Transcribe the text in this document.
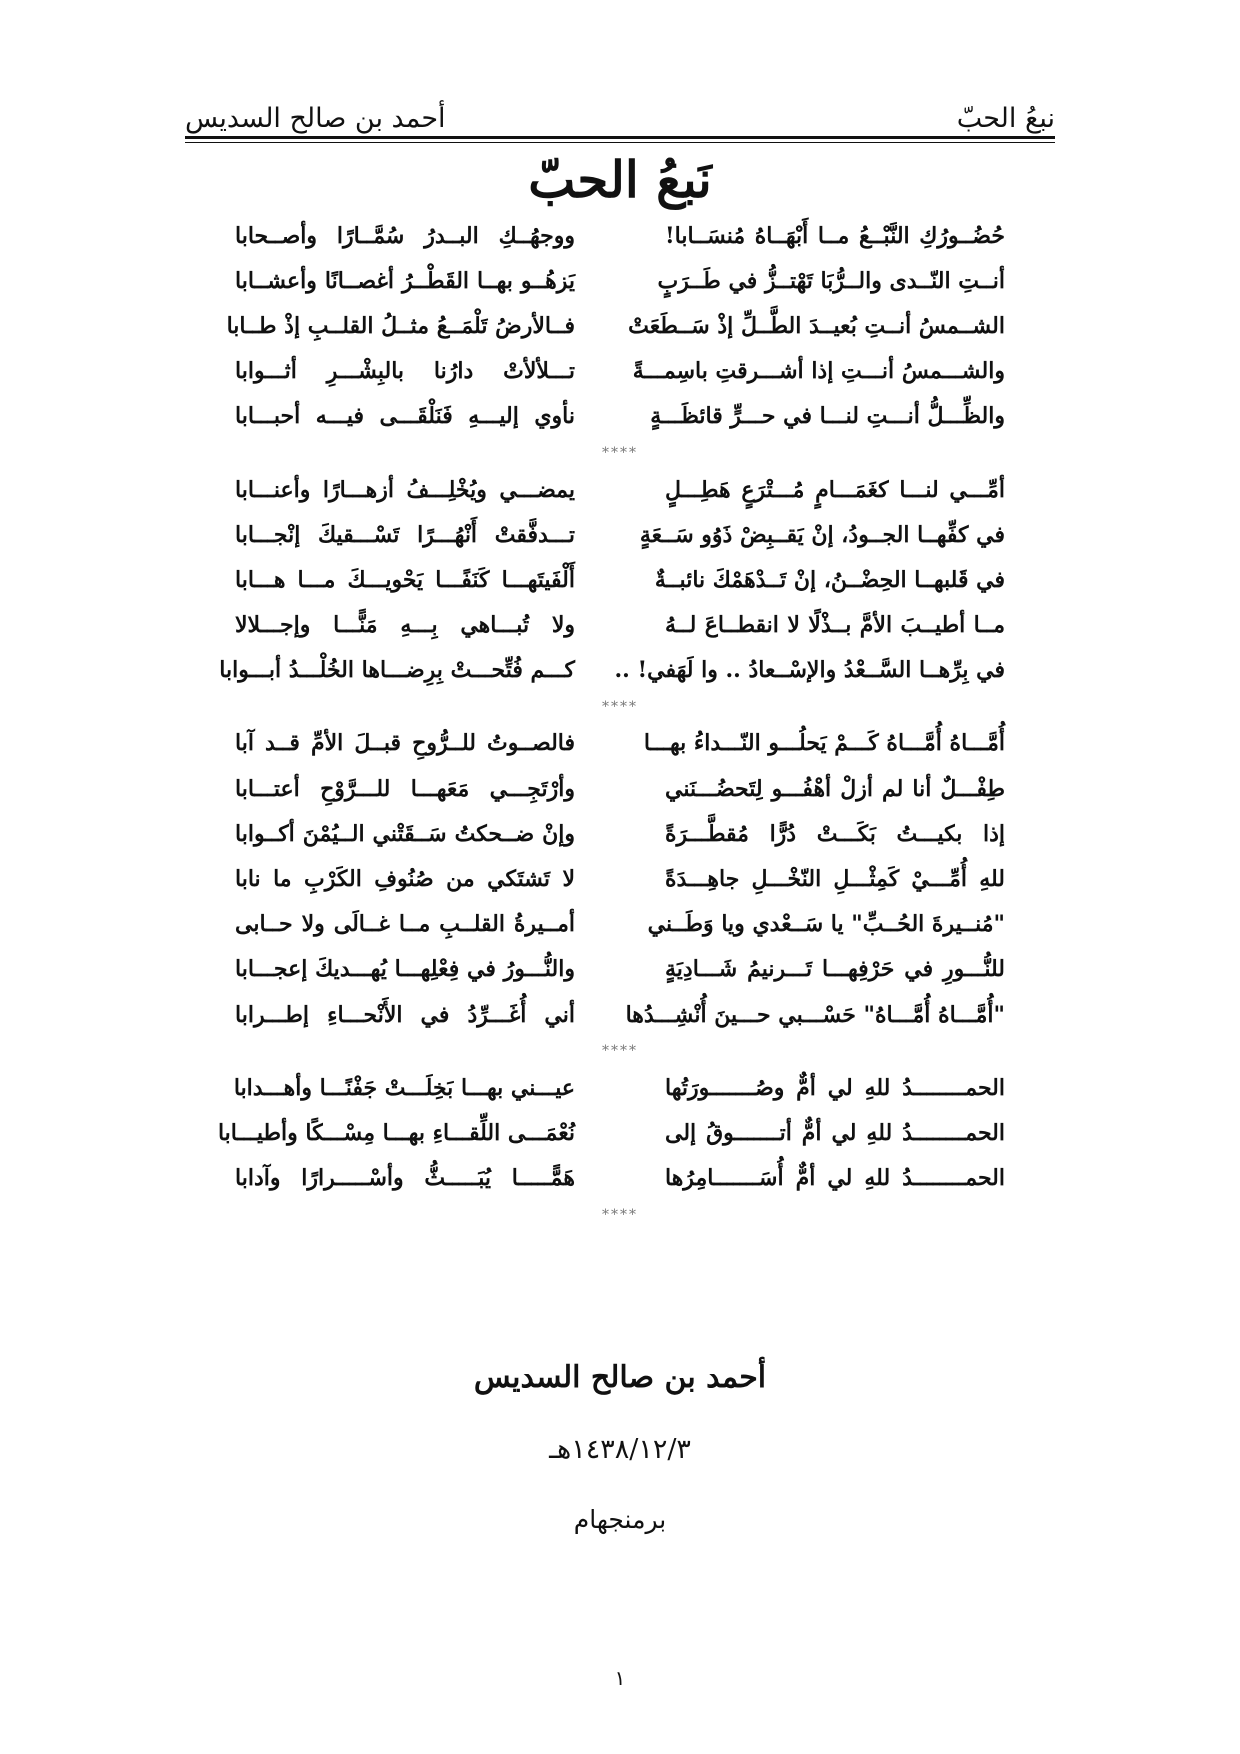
نبعُ الحبّ
أحمد بن صالح السديس
نَبعُ الحبّ
حُضُــورُكِ النَّبْــعُ مــا أَبْهَــاهُ مُنسَــابا!
ووجهُــكِ البــدرُ سُمَّــارًا وأصــحابا
أنــتِ النّــدى والــرُّبَا تَهْتــزُّ في طَــرَبٍ
يَزهُــو بهــا القَطْــرُ أغصــانًا وأعشــابا
الشــمسُ أنــتِ بُعيــدَ الطَّــلِّ إذْ سَــطَعَتْ
فــالأرضُ تَلْمَــعُ مثــلُ القلــبِ إذْ طــابا
والشـــمسُ أنـــتِ إذا أشـــرقتِ باسِمـــةً
تـــلألأتْ دارُنا بالبِشْـــرِ أثـــوابا
والظِّـــلُّ أنـــتِ لنـــا في حـــرٍّ قائظَـــةٍ
نأوي إليـــهِ فَنَلْقَـــى فيـــه أحبـــابا
****
أمِّـــي لنـــا كغَمَـــامٍ مُـــتْرَعٍ هَطِـــلٍ
يمضـــي ويُخْلِـــفُ أزهـــارًا وأعنـــابا
في كفِّهــا الجــودُ، إنْ يَقــبِضْ ذَوُو سَــعَةٍ
تـــدفَّقتْ أَنْهُـــرًا تَسْـــقيكَ إنْجـــابا
في قَلبهــا الحِضْــنُ، إنْ تَــدْهَمْكَ نائبــةٌ
أَلْفَيتَهـــا كَنَفًـــا يَحْويـــكَ مـــا هـــابا
مــا أطيــبَ الأمَّ بــذْلًا لا انقطــاعَ لــهُ
ولا تُبـــاهي بِـــهِ مَنًّـــا وإجـــلالا
في بِرِّهــا السَّــعْدُ والإسْــعادُ .. وا لَهَفي! ..
كـــم فُتِّحـــتْ بِرِضـــاها الخُلْـــدُ أبـــوابا
****
أُمَّـــاهُ أُمَّـــاهُ كَـــمْ يَحلُـــو النّـــداءُ بهـــا
فالصــوتُ للــرُّوحِ قبــلَ الأمِّ قــد آبا
طِفْـــلٌ أنا لم أزلْ أهْفُـــو لِتَحضُـــنَني
وأرْتَجِـــي مَعَهـــا للـــرَّوْحِ أعتـــابا
إذا بكيـــتُ بَكَـــتْ دُرًّا مُقطَّـــرَةً
وإنْ ضــحكتُ سَــقَتْني الــيُمْنَ أكــوابا
للهِ أُمِّـــيْ كَمِثْـــلِ النّخْـــلِ جاهِـــدَةً
لا تَشتَكي من صُنُوفِ الكَرْبِ ما نابا
"مُنــيرةَ الحُــبِّ" يا سَــعْدي ويا وَطَــني
أمــيرةُ القلــبِ مــا غــالَى ولا حــابى
للنُّـــورِ في حَرْفِهـــا تَـــرنيمُ شَـــادِيَةٍ
والنُّـــورُ في فِعْلِهـــا يُهـــديكَ إعجـــابا
"أُمَّـــاهُ أُمَّـــاهُ" حَسْـــبي حـــينَ أُنْشِـــدُها
أني أُغَـــرِّدُ في الأَنْحـــاءِ إطـــرابا
****
الحمــــــــدُ للهِ لي أمٌّ وصُـــــــورَتُها
عيـــني بهـــا بَخِلَـــتْ جَفْنًـــا وأهـــدابا
الحمــــــــدُ للهِ لي أمٌّ أتـــــــوقُ إلى
نُعْمَـــى اللِّقـــاءِ بهـــا مِسْـــكًا وأطيـــابا
الحمــــــــدُ للهِ لي أمٌّ أُسَـــــــامِرُها
هَمًّـــــا يُبَـــــثُّ وأسْـــــرارًا وآدابا
****
أحمد بن صالح السديس
١٤٣٨/١٢/٣هـ
برمنجهام
١
